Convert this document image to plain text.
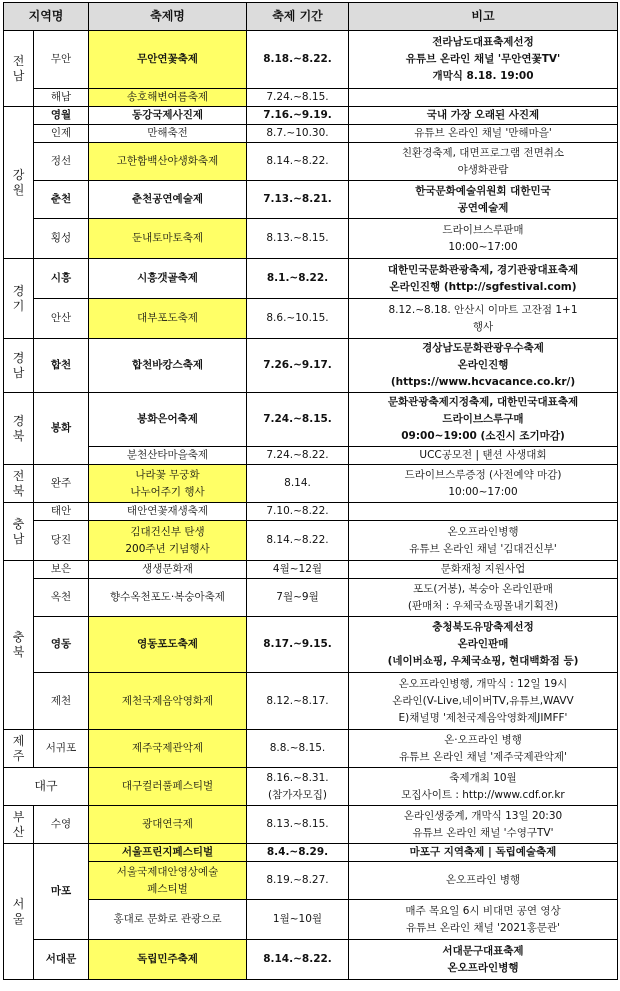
지역명		축제명	축제 기간	비고
전
남	무안	무안연꽃축제	8.18.~8.22.	전라남도대표축제선정
유튜브 온라인 채널 '무안연꽃TV'
개막식 8.18. 19:00
	해남	송호해변여름축제	7.24.~8.15.	
강
원	영월	동강국제사진제	7.16.~9.19.	국내 가장 오래된 사진제
	인제	만해축전	8.7.~10.30.	유튜브 온라인 채널 '만해마을'
	정선	고한함백산야생화축제	8.14.~8.22.	친환경축제, 대면프로그램 전면취소
야생화관람
	춘천	춘천공연예술제	7.13.~8.21.	한국문화예술위원회 대한민국
공연예술제
	횡성	둔내토마토축제	8.13.~8.15.	드라이브스루판매
10:00~17:00
경
기	시흥	시흥갯골축제	8.1.~8.22.	대한민국문화관광축제, 경기관광대표축제
온라인진행 (http://sgfestival.com)
	안산	대부포도축제	8.6.~10.15.	8.12.~8.18. 안산시 이마트 고잔점 1+1
행사
경
남	합천	합천바캉스축제	7.26.~9.17.	경상남도문화관광우수축제
온라인진행
(https://www.hcvacance.co.kr/)
경
북	봉화	봉화은어축제	7.24.~8.15.	문화관광축제지정축제, 대한민국대표축제
드라이브스루구매
09:00~19:00 (소진시 조기마감)
		분천산타마을축제	7.24.~8.22.	UCC공모전 | 탠션 사생대회
전
북	완주	나라꽃 무궁화
나누어주기 행사	8.14.	드라이브스루증정 (사전예약 마감)
10:00~17:00
충
남	태안	태안연꽃재생축제	7.10.~8.22.	
	당진	김대건신부 탄생
200주년 기념행사	8.14.~8.22.	온오프라인병행
유튜브 온라인 채널 '김대건신부'
충
북	보은	생생문화재	4월~12월	문화재청 지원사업
	옥천	향수옥천포도·복숭아축제	7월~9월	포도(거봉), 복숭아 온라인판매
(판매처 : 우체국쇼핑몰내기획전)
	영동	영동포도축제	8.17.~9.15.	충청북도유망축제선정
온라인판매
(네이버쇼핑, 우체국쇼핑, 현대백화점 등)
	제천	제천국제음악영화제	8.12.~8.17.	온오프라인병행, 개막식 : 12일 19시
온라인(V-Live,네이버TV,유튜브,WAVV
E)채널명 '제천국제음악영화제JIMFF'
제
주	서귀포	제주국제관악제	8.8.~8.15.	온·오프라인 병행
유튜브 온라인 채널 '제주국제관악제'
대구		대구컬러풀페스티벌	8.16.~8.31.
(참가자모집)	축제개최 10월
모집사이트 : http://www.cdf.or.kr
부
산	수영	광대연극제	8.13.~8.15.	온라인생중계, 개막식 13일 20:30
유튜브 온라인 채널 '수영구TV'
서
울	마포	서울프린지페스티벌	8.4.~8.29.	마포구 지역축제 | 독립예술축제
		서울국제대안영상예술
페스티벌	8.19.~8.27.	온오프라인 병행
		홍대로 문화로 관광으로	1월~10월	매주 목요일 6시 비대면 공연 영상
유튜브 온라인 채널 '2021홍문관'
	서대문	독립민주축제	8.14.~8.22.	서대문구대표축제
온오프라인병행
